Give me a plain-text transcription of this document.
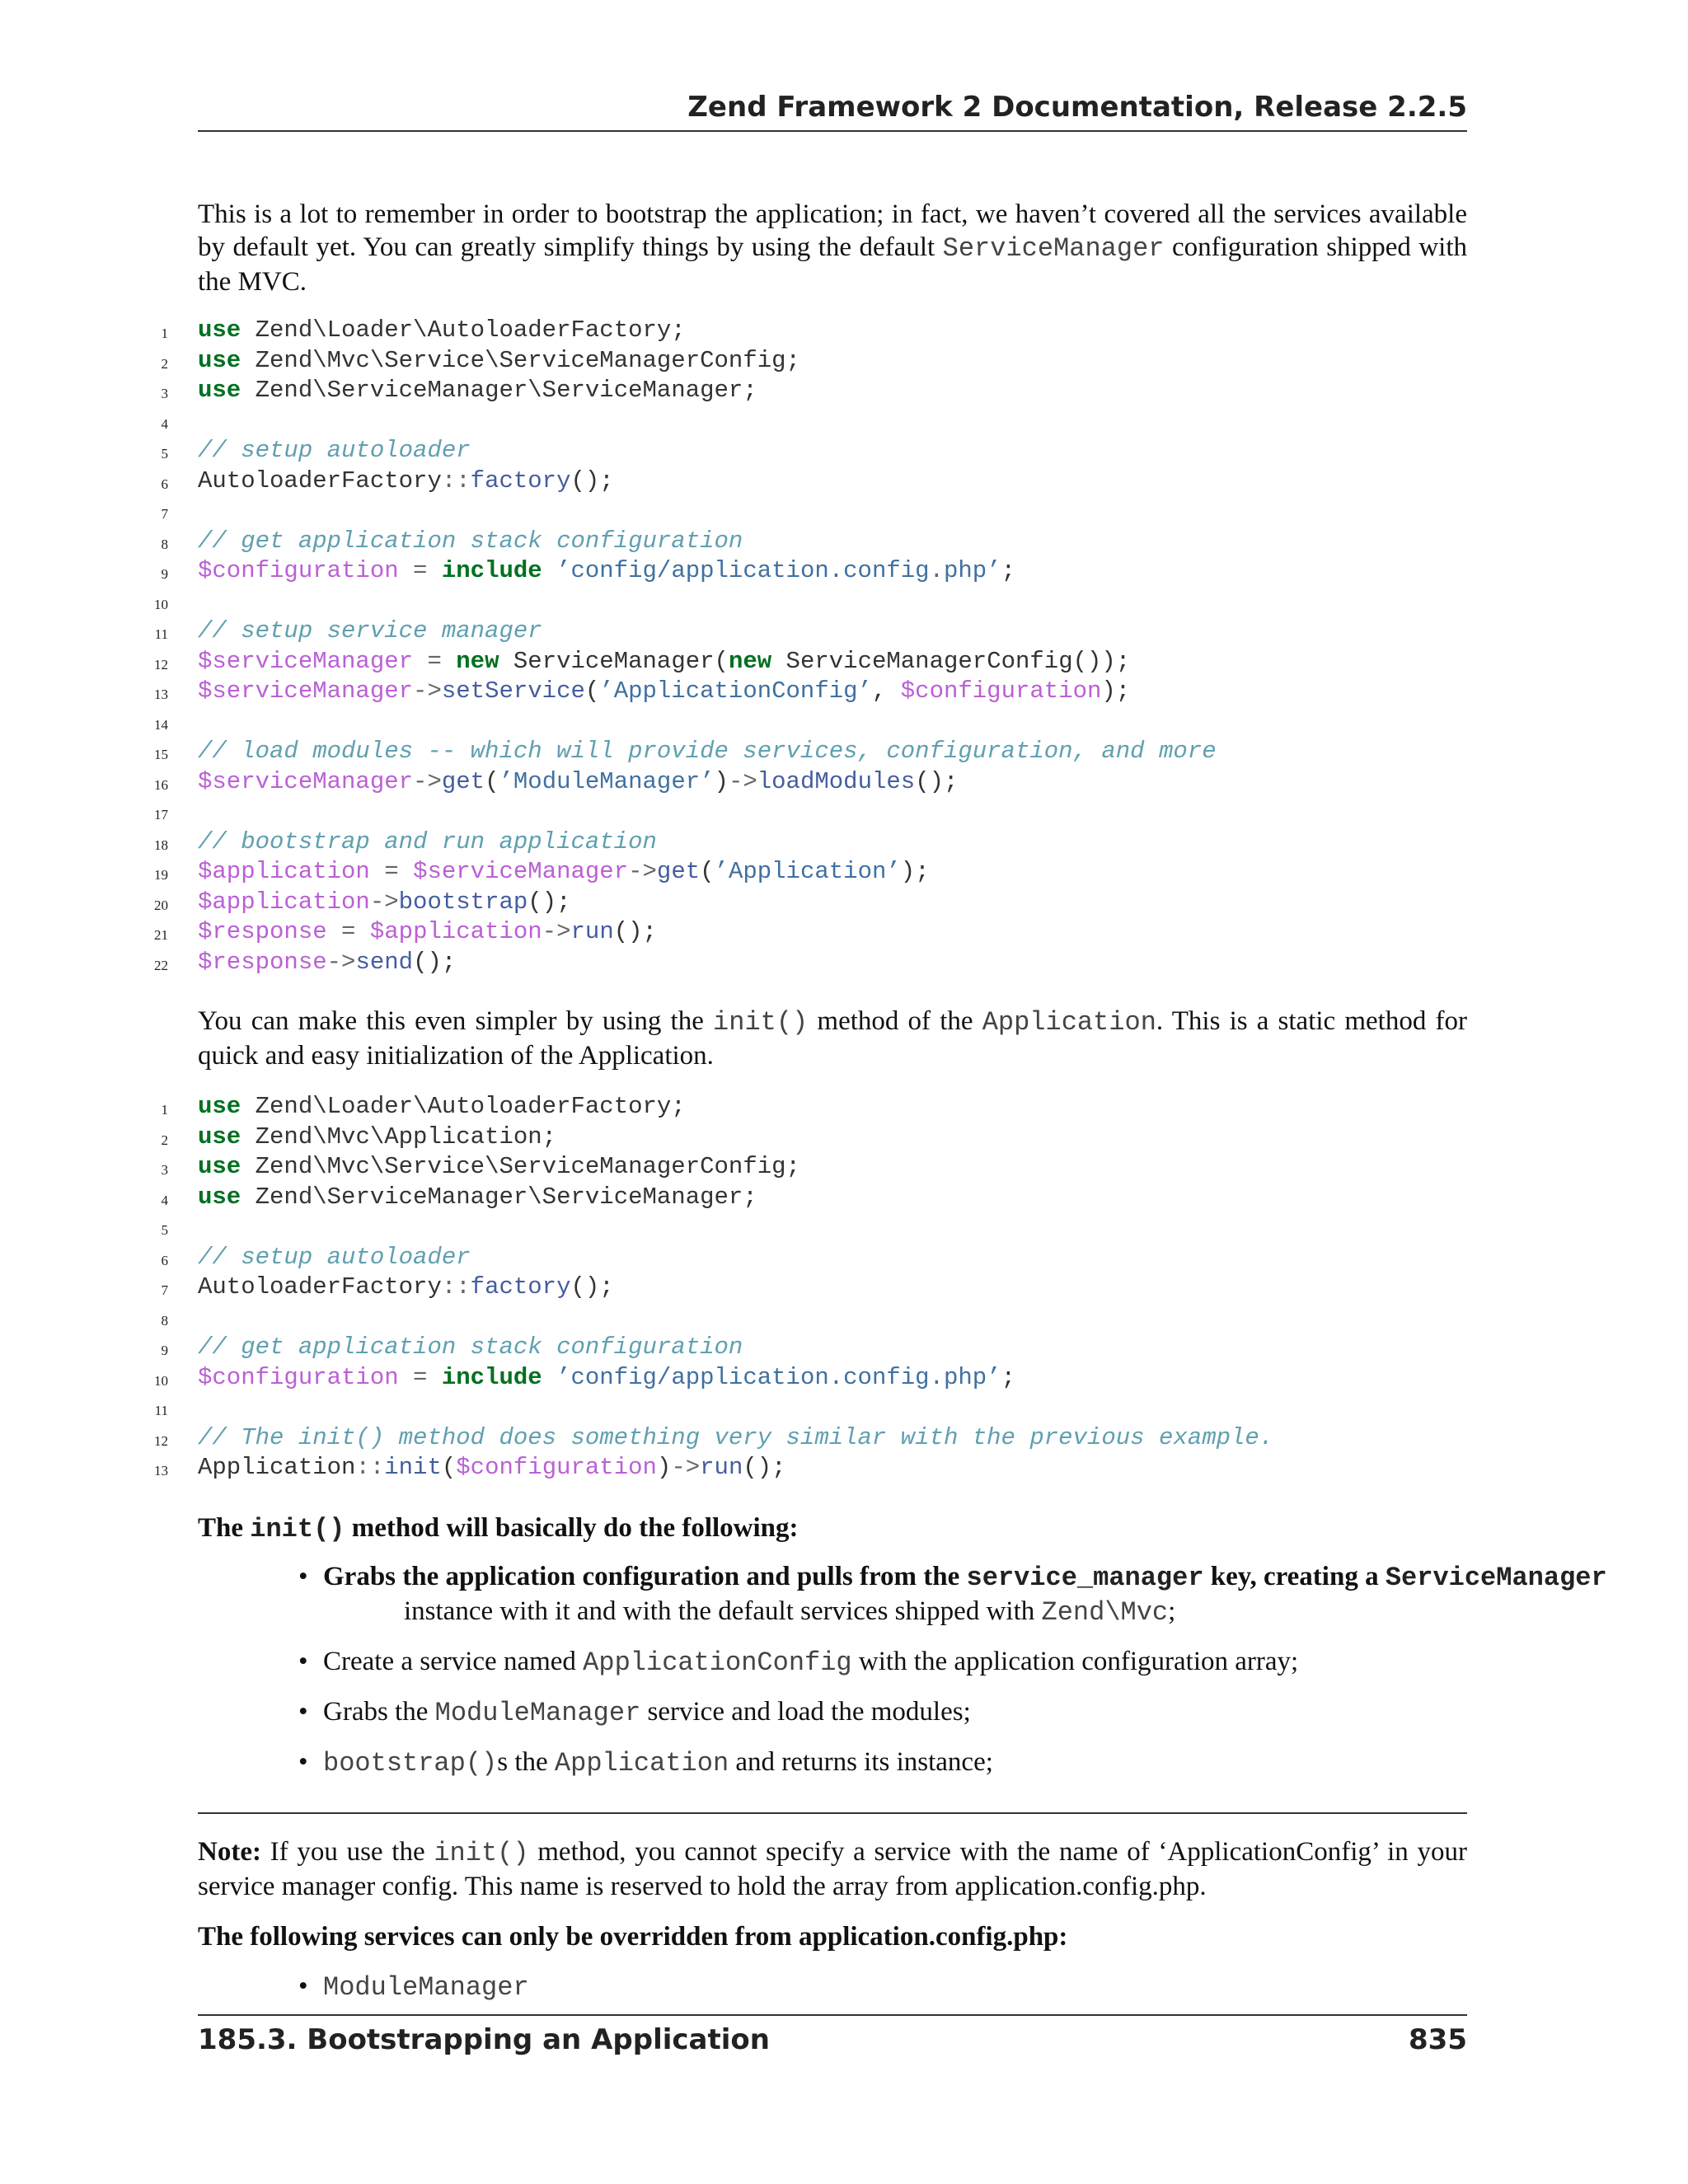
Zend Framework 2 Documentation, Release 2.2.5
This is a lot to remember in order to bootstrap the application; in fact, we haven’t covered all the services available by default yet. You can greatly simplify things by using the default ServiceManager configuration shipped with the MVC.
1 use Zend\Loader\AutoloaderFactory;
2 use Zend\Mvc\Service\ServiceManagerConfig;
3 use Zend\ServiceManager\ServiceManager;
4
5 // setup autoloader
6 AutoloaderFactory::factory();
7
8 // get application stack configuration
9 $configuration = include ’config/application.config.php’;
10
11 // setup service manager
12 $serviceManager = new ServiceManager(new ServiceManagerConfig());
13 $serviceManager->setService(’ApplicationConfig’, $configuration);
14
15 // load modules -- which will provide services, configuration, and more
16 $serviceManager->get(’ModuleManager’)->loadModules();
17
18 // bootstrap and run application
19 $application = $serviceManager->get(’Application’);
20 $application->bootstrap();
21 $response = $application->run();
22 $response->send();
You can make this even simpler by using the init() method of the Application. This is a static method for quick and easy initialization of the Application.
1 use Zend\Loader\AutoloaderFactory;
2 use Zend\Mvc\Application;
3 use Zend\Mvc\Service\ServiceManagerConfig;
4 use Zend\ServiceManager\ServiceManager;
5
6 // setup autoloader
7 AutoloaderFactory::factory();
8
9 // get application stack configuration
10 $configuration = include ’config/application.config.php’;
11
12 // The init() method does something very similar with the previous example.
13 Application::init($configuration)->run();
The init() method will basically do the following:
• Grabs the application configuration and pulls from the service_manager key, creating a ServiceManager
instance with it and with the default services shipped with Zend\Mvc;
• Create a service named ApplicationConfig with the application configuration array;
• Grabs the ModuleManager service and load the modules;
• bootstrap()s the Application and returns its instance;
Note: If you use the init() method, you cannot specify a service with the name of ‘ApplicationConfig’ in your service manager config. This name is reserved to hold the array from application.config.php.
The following services can only be overridden from application.config.php:
• ModuleManager
185.3. Bootstrapping an Application	835
